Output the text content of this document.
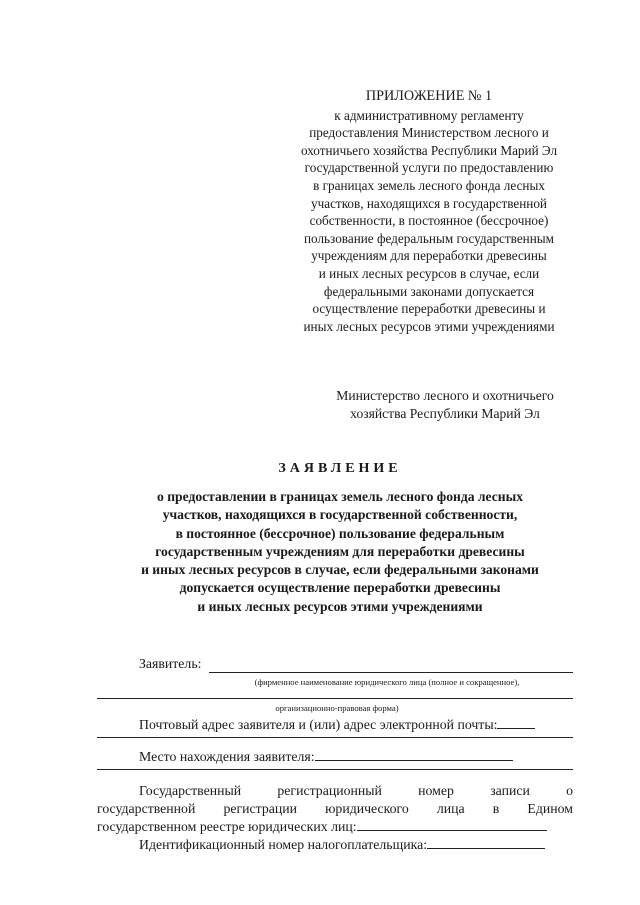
ПРИЛОЖЕНИЕ № 1
к административному регламенту
предоставления Министерством лесного и
охотничьего хозяйства Республики Марий Эл
государственной услуги по предоставлению
в границах земель лесного фонда лесных
участков, находящихся в государственной
собственности, в постоянное (бессрочное)
пользование федеральным государственным
учреждениям для переработки древесины
и иных лесных ресурсов в случае, если
федеральными законами допускается
осуществление переработки древесины и
иных лесных ресурсов этими учреждениями
Министерство лесного и охотничьего
хозяйства Республики Марий Эл
ЗАЯВЛЕНИЕ
о предоставлении в границах земель лесного фонда лесных
участков, находящихся в государственной собственности,
в постоянное (бессрочное) пользование федеральным
государственным учреждениям для переработки древесины
и иных лесных ресурсов в случае, если федеральными законами
допускается осуществление переработки древесины
и иных лесных ресурсов этими учреждениями
Заявитель:
(фирменное наименование юридического лица (полное и сокращенное),
организационно-правовая форма)
Почтовый адрес заявителя и (или) адрес электронной почты:
Место нахождения заявителя:
Государственный	регистрационный	номер	записи	о
государственной регистрации юридического лица в Едином
государственном реестре юридических лиц:
Идентификационный номер налогоплательщика:
